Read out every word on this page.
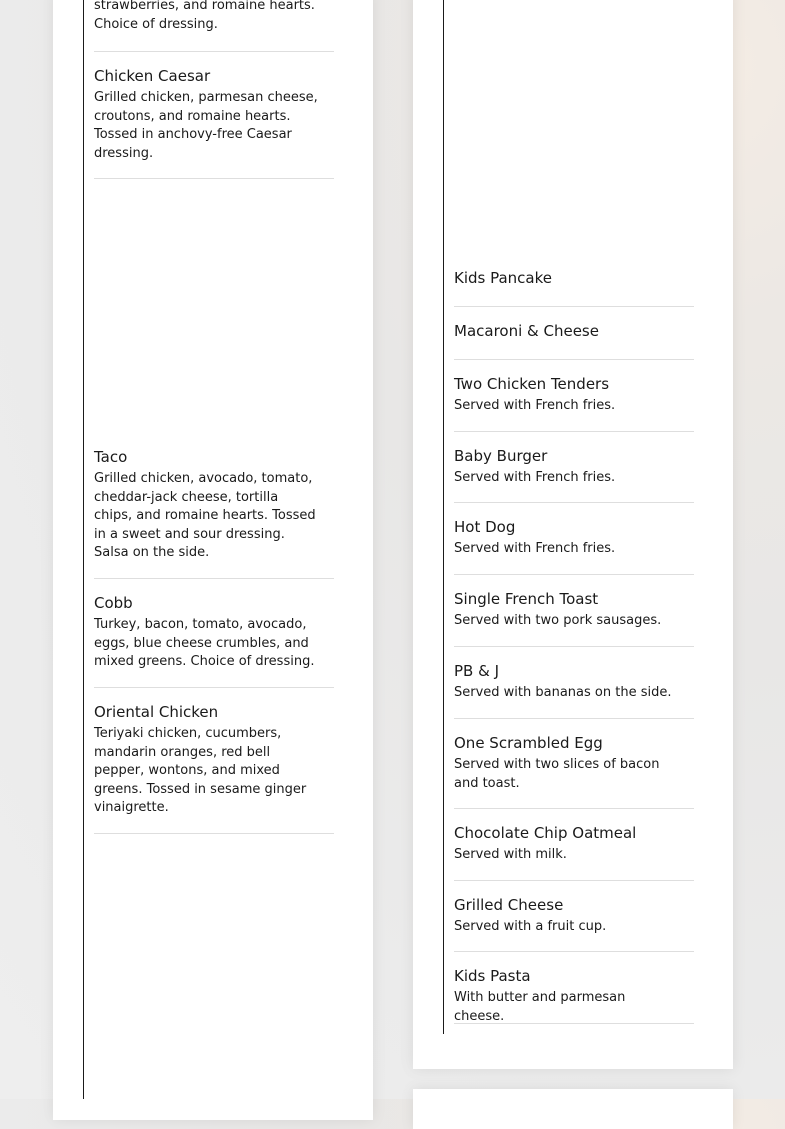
strawberries, and romaine hearts. Choice of dressing.

Chicken Caesar

Grilled chicken, parmesan cheese, croutons, and romaine hearts. Tossed in anchovy-free Caesar dressing.

Taco

Grilled chicken, avocado, tomato, cheddar-jack cheese, tortilla chips, and romaine hearts. Tossed in a sweet and sour dressing. Salsa on the side.

Cobb

Turkey, bacon, tomato, avocado, eggs, blue cheese crumbles, and mixed greens. Choice of dressing.

Oriental Chicken

Teriyaki chicken, cucumbers, mandarin oranges, red bell pepper, wontons, and mixed greens. Tossed in sesame ginger vinaigrette.

Kids Pancake
Macaroni & Cheese
Two Chicken Tenders

Served with French fries.

Baby Burger

Served with French fries.

Hot Dog

Served with French fries.

Single French Toast

Served with two pork sausages.

PB & J

Served with bananas on the side.

One Scrambled Egg

Served with two slices of bacon and toast.

Chocolate Chip Oatmeal

Served with milk.

Grilled Cheese

Served with a fruit cup.

Kids Pasta

With butter and parmesan cheese.
